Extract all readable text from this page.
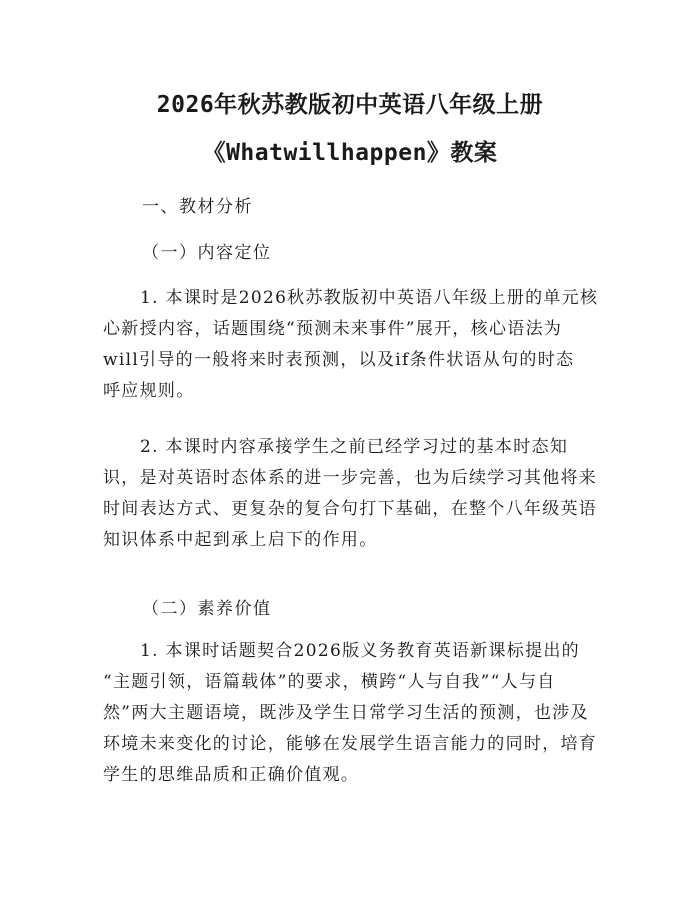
2026年秋苏教版初中英语八年级上册
《Whatwillhappen》教案
一、教材分析
（一）内容定位
1. 本课时是2026秋苏教版初中英语八年级上册的单元核
心新授内容，话题围绕“预测未来事件”展开，核心语法为
will引导的一般将来时表预测，以及if条件状语从句的时态
呼应规则。
2. 本课时内容承接学生之前已经学习过的基本时态知
识，是对英语时态体系的进一步完善，也为后续学习其他将来
时间表达方式、更复杂的复合句打下基础，在整个八年级英语
知识体系中起到承上启下的作用。
（二）素养价值
1. 本课时话题契合2026版义务教育英语新课标提出的
“主题引领，语篇载体”的要求，横跨“人与自我”“人与自
然”两大主题语境，既涉及学生日常学习生活的预测，也涉及
环境未来变化的讨论，能够在发展学生语言能力的同时，培育
学生的思维品质和正确价值观。
